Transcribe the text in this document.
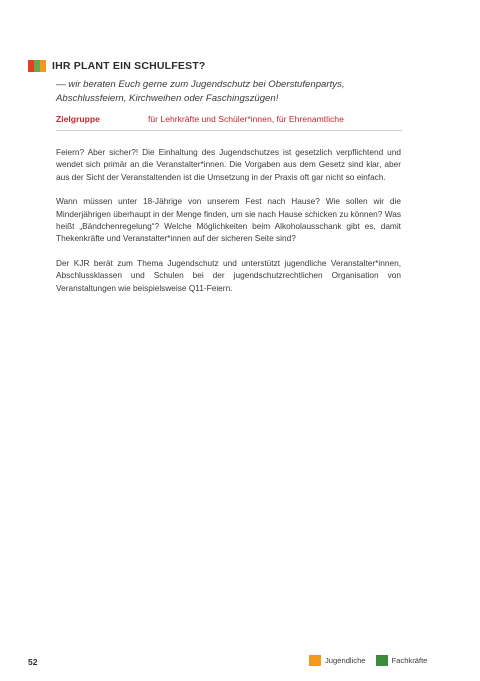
IHR PLANT EIN SCHULFEST?
— wir beraten Euch gerne zum Jugendschutz bei Oberstufenpartys,
Abschlussfeiern, Kirchweihen oder Faschingszügen!
Zielgruppe	für Lehrkräfte und Schüler*innen, für Ehrenamtliche

Feiern? Aber sicher?! Die Einhaltung des Jugendschutzes ist gesetzlich verpflichtend und wendet sich primär an die Veranstalter*innen. Die Vorgaben aus dem Gesetz sind klar, aber aus der Sicht der Veranstaltenden ist die Umsetzung in der Praxis oft gar nicht so einfach.

Wann müssen unter 18-Jährige von unserem Fest nach Hause? Wie sollen wir die Minderjährigen überhaupt in der Menge finden, um sie nach Hause schicken zu können? Was heißt „Bändchenregelung“? Welche Möglichkeiten beim Alkoholausschank gibt es, damit Thekenkräfte und Veranstalter*innen auf der sicheren Seite sind?

Der KJR berät zum Thema Jugendschutz und unterstützt jugendliche Veranstalter*innen, Abschlussklassen und Schulen bei der jugendschutzrechtlichen Organisation von Veranstaltungen wie beispielsweise Q11-Feiern.

52	Jugendliche	Fachkräfte
